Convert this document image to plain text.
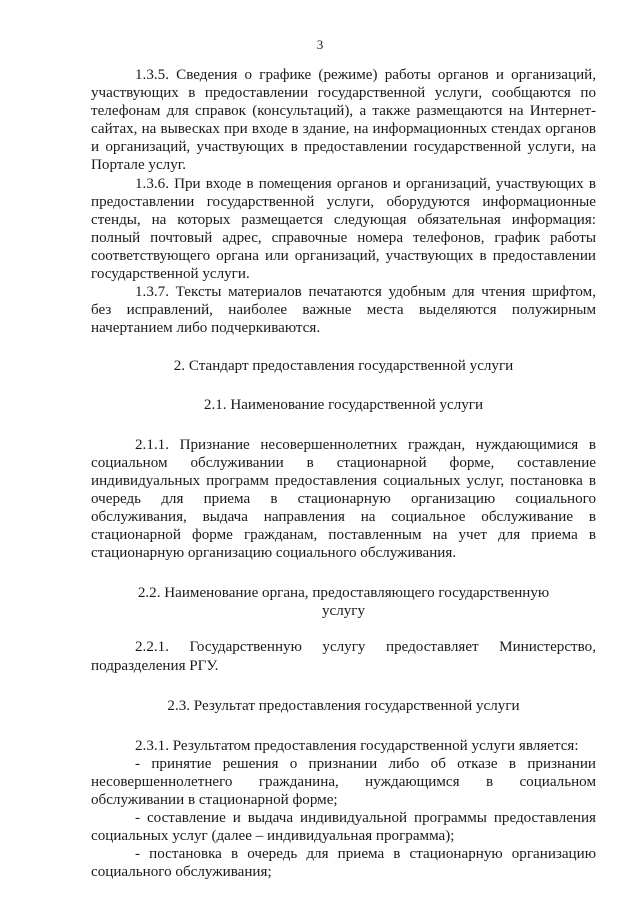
3

1.3.5. Сведения о графике (режиме) работы органов и организаций, участвующих в предоставлении государственной услуги, сообщаются по телефонам для справок (консультаций), а также размещаются на Интернет-сайтах, на вывесках при входе в здание, на информационных стендах органов и организаций, участвующих в предоставлении государственной услуги, на Портале услуг.

1.3.6. При входе в помещения органов и организаций, участвующих в предоставлении государственной услуги, оборудуются информационные стенды, на которых размещается следующая обязательная информация: полный почтовый адрес, справочные номера телефонов, график работы соответствующего органа или организаций, участвующих в предоставлении государственной услуги.

1.3.7. Тексты материалов печатаются удобным для чтения шрифтом, без исправлений, наиболее важные места выделяются полужирным начертанием либо подчеркиваются.

2. Стандарт предоставления государственной услуги

2.1. Наименование государственной услуги

2.1.1. Признание несовершеннолетних граждан, нуждающимися в социальном обслуживании в стационарной форме, составление индивидуальных программ предоставления социальных услуг, постановка в очередь для приема в стационарную организацию социального обслуживания, выдача направления на социальное обслуживание в стационарной форме гражданам, поставленным на учет для приема в стационарную организацию социального обслуживания.

2.2. Наименование органа, предоставляющего государственную

услугу

2.2.1. Государственную услугу предоставляет Министерство, подразделения РГУ.

2.3. Результат предоставления государственной услуги

2.3.1. Результатом предоставления государственной услуги является:

- принятие решения о признании либо об отказе в признании несовершеннолетнего гражданина, нуждающимся в социальном обслуживании в стационарной форме;

- составление и выдача индивидуальной программы предоставления социальных услуг (далее – индивидуальная программа);

- постановка в очередь для приема в стационарную организацию социального обслуживания;
